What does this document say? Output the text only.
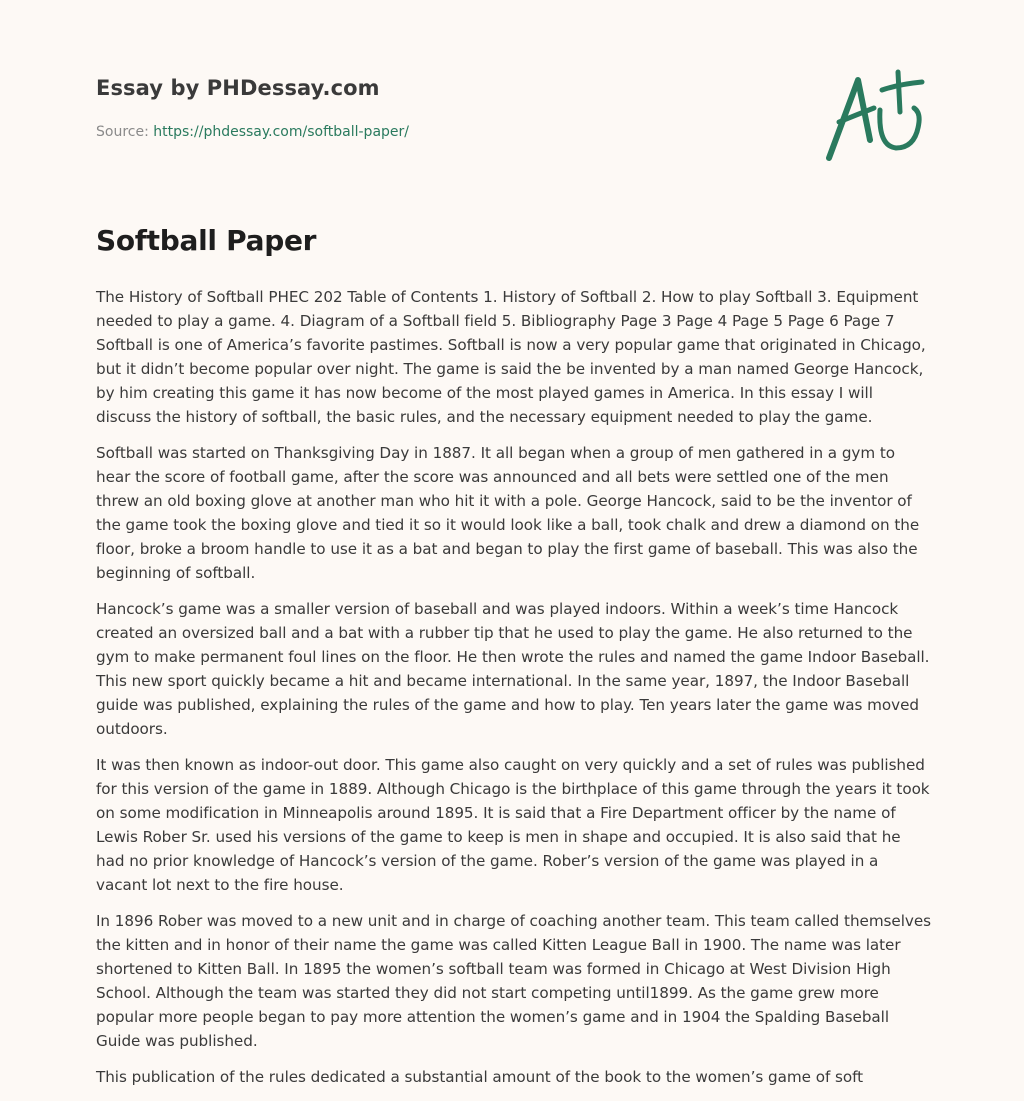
Essay by PHDessay.com
Source: https://phdessay.com/softball-paper/
Softball Paper

The History of Softball PHEC 202 Table of Contents 1. History of Softball 2. How to play Softball 3. Equipment needed to play a game. 4. Diagram of a Softball field 5. Bibliography Page 3 Page 4 Page 5 Page 6 Page 7 Softball is one of America’s favorite pastimes. Softball is now a very popular game that originated in Chicago, but it didn’t become popular over night. The game is said the be invented by a man named George Hancock, by him creating this game it has now become of the most played games in America. In this essay I will discuss the history of softball, the basic rules, and the necessary equipment needed to play the game.

Softball was started on Thanksgiving Day in 1887. It all began when a group of men gathered in a gym to hear the score of football game, after the score was announced and all bets were settled one of the men threw an old boxing glove at another man who hit it with a pole. George Hancock, said to be the inventor of the game took the boxing glove and tied it so it would look like a ball, took chalk and drew a diamond on the floor, broke a broom handle to use it as a bat and began to play the first game of baseball. This was also the beginning of softball.

Hancock’s game was a smaller version of baseball and was played indoors. Within a week’s time Hancock created an oversized ball and a bat with a rubber tip that he used to play the game. He also returned to the gym to make permanent foul lines on the floor. He then wrote the rules and named the game Indoor Baseball. This new sport quickly became a hit and became international. In the same year, 1897, the Indoor Baseball guide was published, explaining the rules of the game and how to play. Ten years later the game was moved outdoors.

It was then known as indoor-out door. This game also caught on very quickly and a set of rules was published for this version of the game in 1889. Although Chicago is the birthplace of this game through the years it took on some modification in Minneapolis around 1895. It is said that a Fire Department officer by the name of Lewis Rober Sr. used his versions of the game to keep is men in shape and occupied. It is also said that he had no prior knowledge of Hancock’s version of the game. Rober’s version of the game was played in a vacant lot next to the fire house.

In 1896 Rober was moved to a new unit and in charge of coaching another team. This team called themselves the kitten and in honor of their name the game was called Kitten League Ball in 1900. The name was later shortened to Kitten Ball. In 1895 the women’s softball team was formed in Chicago at West Division High School. Although the team was started they did not start competing until1899. As the game grew more popular more people began to pay more attention the women’s game and in 1904 the Spalding Baseball Guide was published.

This publication of the rules dedicated a substantial amount of the book to the women’s game of soft
